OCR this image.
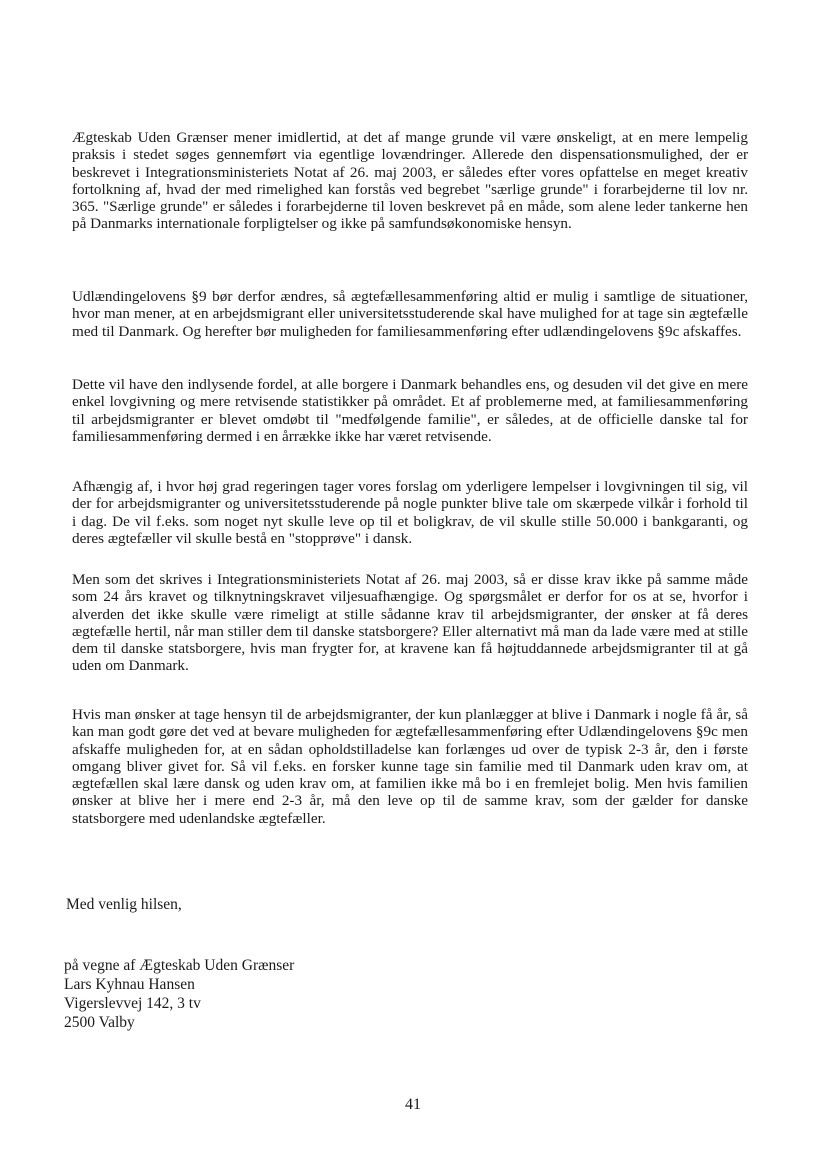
Ægteskab Uden Grænser mener imidlertid, at det af mange grunde vil være ønskeligt, at en mere lempelig praksis i stedet søges gennemført via egentlige lovændringer. Allerede den dispensationsmulighed, der er beskrevet i Integrationsministeriets Notat af 26. maj 2003, er således efter vores opfattelse en meget kreativ fortolkning af, hvad der med rimelighed kan forstås ved begrebet "særlige grunde" i forarbejderne til lov nr. 365. "Særlige grunde" er således i forarbejderne til loven beskrevet på en måde, som alene leder tankerne hen på Danmarks internationale forpligtelser og ikke på samfundsøkonomiske hensyn.

Udlændingelovens §9 bør derfor ændres, så ægtefællesammenføring altid er mulig i samtlige de situationer, hvor man mener, at en arbejdsmigrant eller universitetsstuderende skal have mulighed for at tage sin ægtefælle med til Danmark. Og herefter bør muligheden for familiesammenføring efter udlændingelovens §9c afskaffes.

Dette vil have den indlysende fordel, at alle borgere i Danmark behandles ens, og desuden vil det give en mere enkel lovgivning og mere retvisende statistikker på området. Et af problemerne med, at familiesammenføring til arbejdsmigranter er blevet omdøbt til "medfølgende familie", er således, at de officielle danske tal for familiesammenføring dermed i en årrække ikke har været retvisende.

Afhængig af, i hvor høj grad regeringen tager vores forslag om yderligere lempelser i lovgivningen til sig, vil der for arbejdsmigranter og universitetsstuderende på nogle punkter blive tale om skærpede vilkår i forhold til i dag. De vil f.eks. som noget nyt skulle leve op til et boligkrav, de vil skulle stille 50.000 i bankgaranti, og deres ægtefæller vil skulle bestå en "stopprøve" i dansk.

Men som det skrives i Integrationsministeriets Notat af 26. maj 2003, så er disse krav ikke på samme måde som 24 års kravet og tilknytningskravet viljesuafhængige. Og spørgsmålet er derfor for os at se, hvorfor i alverden det ikke skulle være rimeligt at stille sådanne krav til arbejdsmigranter, der ønsker at få deres ægtefælle hertil, når man stiller dem til danske statsborgere? Eller alternativt må man da lade være med at stille dem til danske statsborgere, hvis man frygter for, at kravene kan få højtuddannede arbejdsmigranter til at gå uden om Danmark.

Hvis man ønsker at tage hensyn til de arbejdsmigranter, der kun planlægger at blive i Danmark i nogle få år, så kan man godt gøre det ved at bevare muligheden for ægtefællesammenføring efter Udlændingelovens §9c men afskaffe muligheden for, at en sådan opholdstilladelse kan forlænges ud over de typisk 2-3 år, den i første omgang bliver givet for. Så vil f.eks. en forsker kunne tage sin familie med til Danmark uden krav om, at ægtefællen skal lære dansk og uden krav om, at familien ikke må bo i en fremlejet bolig. Men hvis familien ønsker at blive her i mere end 2-3 år, må den leve op til de samme krav, som der gælder for danske statsborgere med udenlandske ægtefæller.

Med venlig hilsen,

på vegne af Ægteskab Uden Grænser
Lars Kyhnau Hansen
Vigerslevvej 142, 3 tv
2500 Valby
41
